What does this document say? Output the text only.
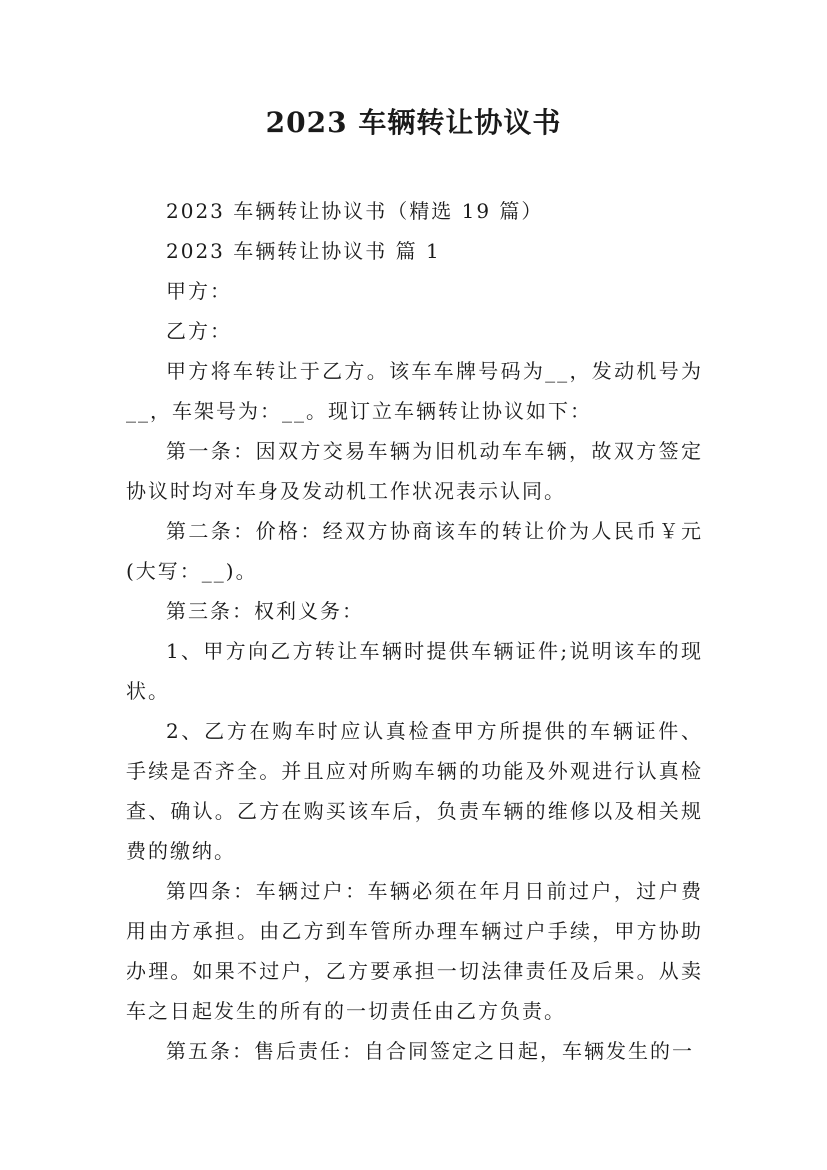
2023 车辆转让协议书

2023 车辆转让协议书（精选 19 篇）

2023 车辆转让协议书 篇 1

甲方：

乙方：

甲方将车转让于乙方。该车车牌号码为__，发动机号为__，车架号为：__。现订立车辆转让协议如下：

第一条：因双方交易车辆为旧机动车车辆，故双方签定协议时均对车身及发动机工作状况表示认同。

第二条：价格：经双方协商该车的转让价为人民币￥元(大写：__)。

第三条：权利义务：

1、甲方向乙方转让车辆时提供车辆证件;说明该车的现状。

2、乙方在购车时应认真检查甲方所提供的车辆证件、手续是否齐全。并且应对所购车辆的功能及外观进行认真检查、确认。乙方在购买该车后，负责车辆的维修以及相关规费的缴纳。

第四条：车辆过户：车辆必须在年月日前过户，过户费用由方承担。由乙方到车管所办理车辆过户手续，甲方协助办理。如果不过户，乙方要承担一切法律责任及后果。从卖车之日起发生的所有的一切责任由乙方负责。

第五条：售后责任：自合同签定之日起，车辆发生的一
